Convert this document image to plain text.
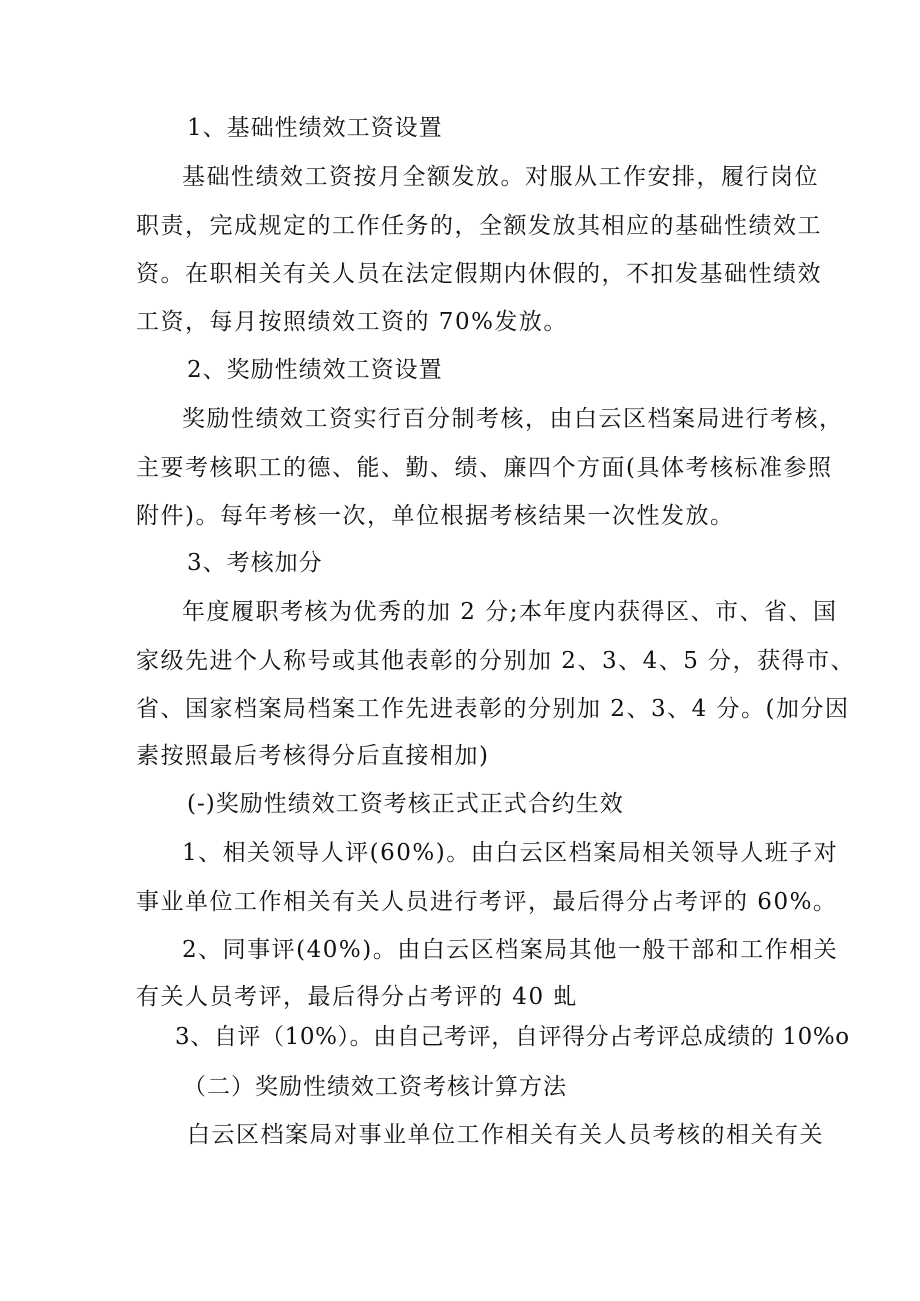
1、基础性绩效工资设置
基础性绩效工资按月全额发放。对服从工作安排，履行岗位
职责，完成规定的工作任务的，全额发放其相应的基础性绩效工
资。在职相关有关人员在法定假期内休假的，不扣发基础性绩效
工资，每月按照绩效工资的 70%发放。
2、奖励性绩效工资设置
奖励性绩效工资实行百分制考核，由白云区档案局进行考核，
主要考核职工的德、能、勤、绩、廉四个方面(具体考核标准参照
附件)。每年考核一次，单位根据考核结果一次性发放。
3、考核加分
年度履职考核为优秀的加 2 分;本年度内获得区、市、省、国
家级先进个人称号或其他表彰的分别加 2、3、4、5 分，获得市、
省、国家档案局档案工作先进表彰的分别加 2、3、4 分。(加分因
素按照最后考核得分后直接相加)
(-)奖励性绩效工资考核正式正式合约生效
1、相关领导人评(60%)。由白云区档案局相关领导人班子对
事业单位工作相关有关人员进行考评，最后得分占考评的 60%。
2、同事评(40%)。由白云区档案局其他一般干部和工作相关
有关人员考评，最后得分占考评的 40 虬
3、自评（10%）。由自己考评，自评得分占考评总成绩的 10%o
（二）奖励性绩效工资考核计算方法
白云区档案局对事业单位工作相关有关人员考核的相关有关
